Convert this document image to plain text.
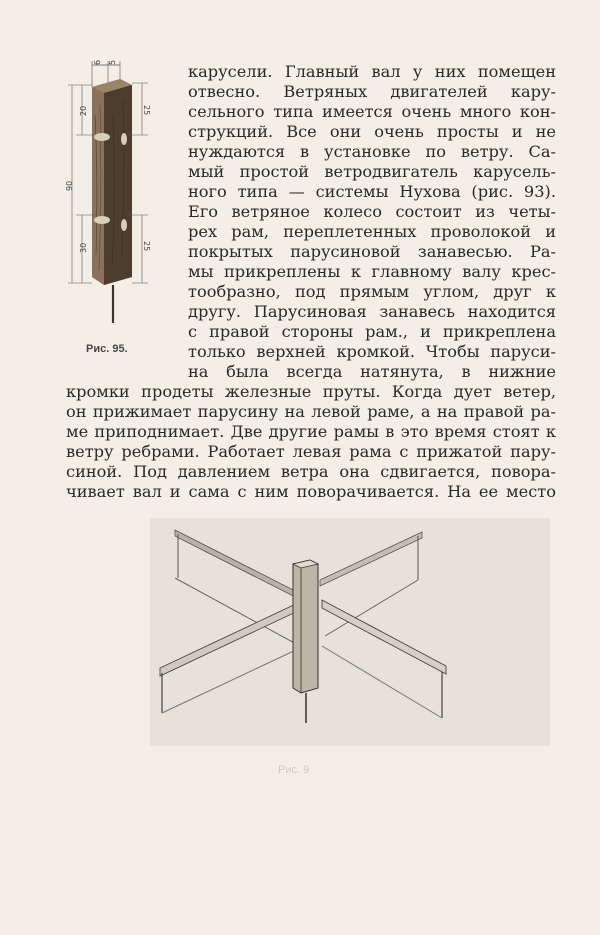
6 5
20
90
30
25
25
Рис. 95.
карусели. Главный вал у них помещен
отвесно. Ветряных двигателей кару-
сельного типа имеется очень много кон-
струкций. Все они очень просты и не
нуждаются в установке по ветру. Са-
мый простой ветродвигатель карусель-
ного типа — системы Нухова (рис. 93).
Его ветряное колесо состоит из четы-
рех рам, переплетенных проволокой и
покрытых парусиновой занавесью. Ра-
мы прикреплены к главному валу крес-
тообразно, под прямым углом, друг к
другу. Парусиновая занавесь находится
с правой стороны рам., и прикреплена
только верхней кромкой. Чтобы паруси-
на была всегда натянута, в нижние
кромки продеты железные пруты. Когда дует ветер,
он прижимает парусину на левой раме, а на правой ра-
ме приподнимает. Две другие рамы в это время стоят к
ветру ребрами. Работает левая рама с прижатой пару-
синой. Под давлением ветра она сдвигается, повора-
чивает вал и сама с ним поворачивается. На ее место
Рис. 9
